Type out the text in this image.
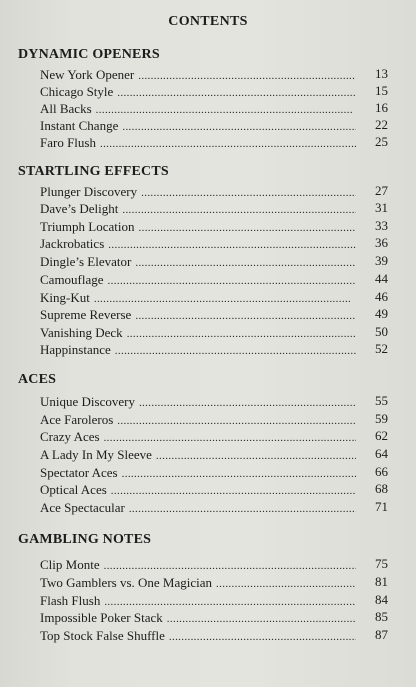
CONTENTS
DYNAMIC OPENERS
New York Opener . . .	13
Chicago Style . . .	15
All Backs . . .	16
Instant Change . . .	22
Faro Flush . . .	25
STARTLING EFFECTS
Plunger Discovery . . .	27
Dave’s Delight . . .	31
Triumph Location . . .	33
Jackrobatics . . .	36
Dingle’s Elevator . . .	39
Camouflage . . .	44
King-Kut . . .	46
Supreme Reverse . . .	49
Vanishing Deck . . .	50
Happinstance . . .	52
ACES
Unique Discovery . . .	55
Ace Faroleros . . .	59
Crazy Aces . . .	62
A Lady In My Sleeve . . .	64
Spectator Aces . . .	66
Optical Aces . . .	68
Ace Spectacular . . .	71
GAMBLING NOTES
Clip Monte . . .	75
Two Gamblers vs. One Magician . . .	81
Flash Flush . . .	84
Impossible Poker Stack . . .	85
Top Stock False Shuffle . . .	87
